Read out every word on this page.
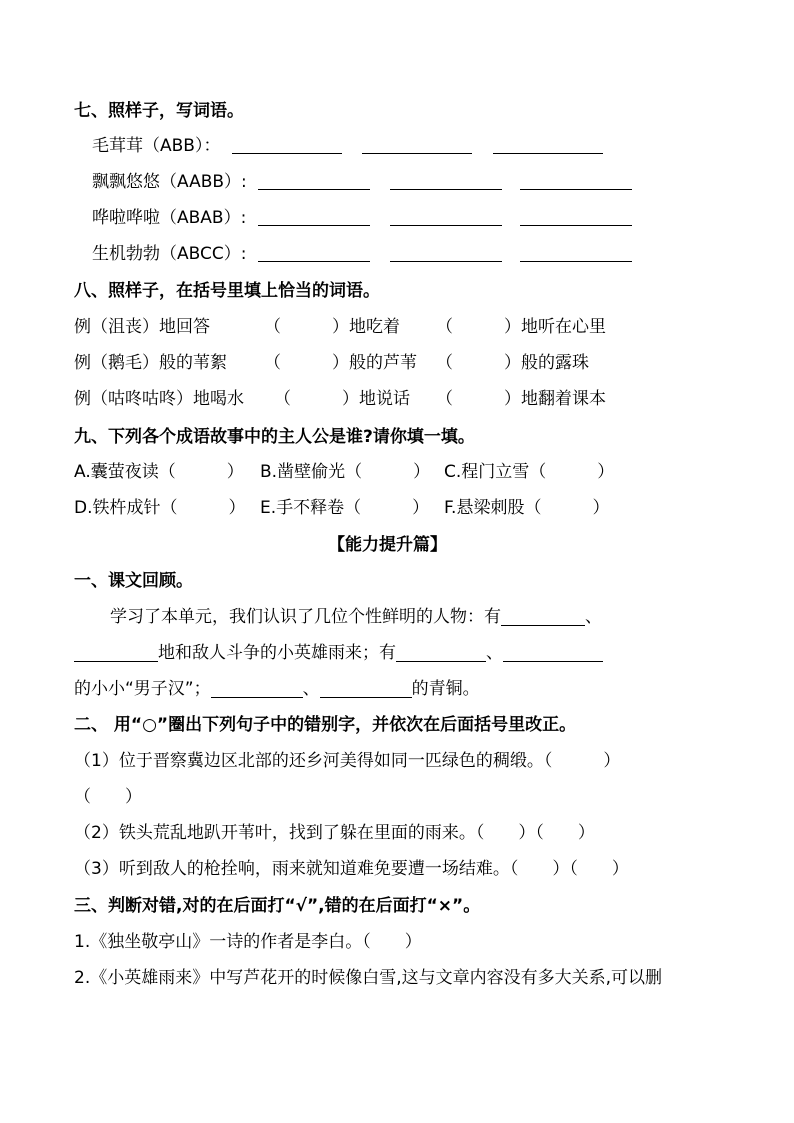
七、照样子，写词语。
毛茸茸（ABB）：
飘飘悠悠（AABB）:
哗啦哗啦（ABAB）:
生机勃勃（ABCC）:
八、照样子，在括号里填上恰当的词语。
例（沮丧）地回答	（　　　）地吃着 （　　　）地听在心里
例（鹅毛）般的苇絮 （　　　）般的芦苇 （　　　）般的露珠
例（咕咚咕咚）地喝水 （　　　）地说话 （　　　）地翻着课本
九、下列各个成语故事中的主人公是谁?请你填一填。
A.囊萤夜读（　　　） B.凿壁偷光（　　　） C.程门立雪（　　　）
D.铁杵成针（　　　） E.手不释卷（　　　） F.悬梁刺股（　　　）
【能力提升篇】
一、课文回顾。
学习了本单元，我们认识了几位个性鲜明的人物：有	、
地和敌人斗争的小英雄雨来；有	、
的小小“男子汉”；	、	的青铜。
二、 用“○”圈出下列句子中的错别字，并依次在后面括号里改正。
（1）位于晋察冀边区北部的还乡河美得如同一匹绿色的稠缎。（　　　）
（　　）
（2）铁头荒乱地趴开苇叶，找到了躲在里面的雨来。（　　）（　　）
（3）听到敌人的枪拴响，雨来就知道难免要遭一场结难。（　　）（　　）
三、判断对错,对的在后面打“√”,错的在后面打“×”。
1.《独坐敬亭山》一诗的作者是李白。（　　）
2.《小英雄雨来》中写芦花开的时候像白雪,这与文章内容没有多大关系,可以删
